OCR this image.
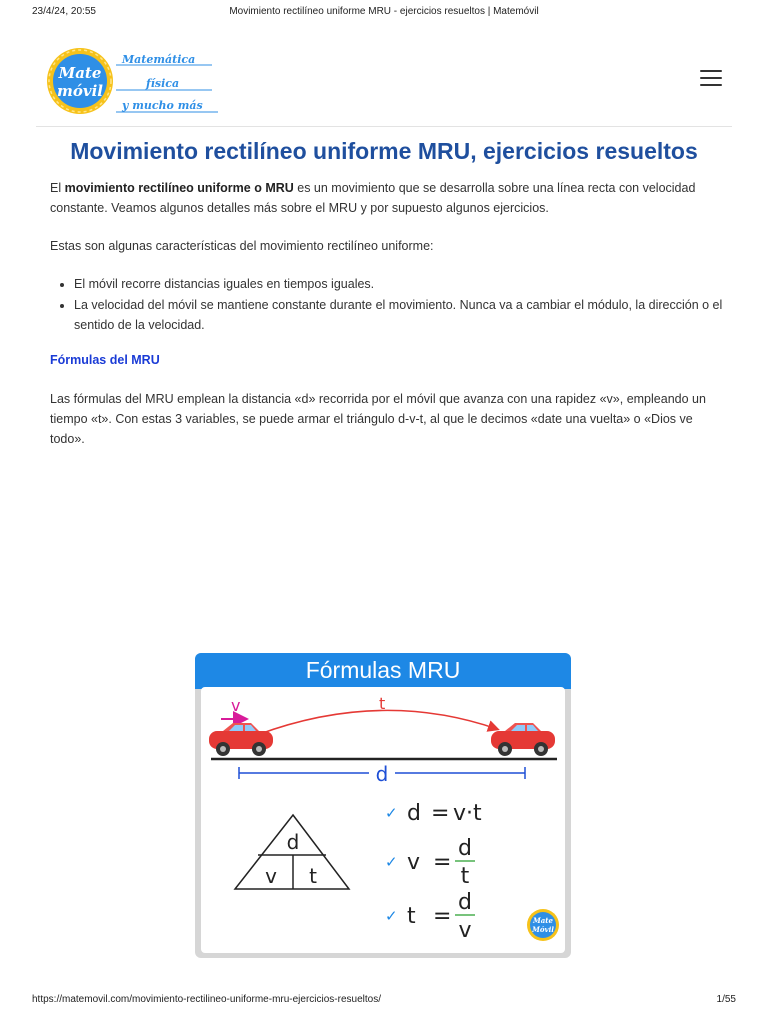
23/4/24, 20:55	Movimiento rectilíneo uniforme MRU - ejercicios resueltos | Matemóvil
Mate
móvil
Matemática
física
y mucho más
Movimiento rectilíneo uniforme MRU, ejercicios resueltos

El movimiento rectilíneo uniforme o MRU es un movimiento que se desarrolla sobre una línea recta con velocidad constante. Veamos algunos detalles más sobre el MRU y por supuesto algunos ejercicios.

Estas son algunas características del movimiento rectilíneo uniforme:

• El móvil recorre distancias iguales en tiempos iguales.
• La velocidad del móvil se mantiene constante durante el movimiento. Nunca va a cambiar el módulo, la dirección o el sentido de la velocidad.
Fórmulas del MRU

Las fórmulas del MRU emplean la distancia «d» recorrida por el móvil que avanza con una rapidez «v», empleando un tiempo «t». Con estas 3 variables, se puede armar el triángulo d-v-t, al que le decimos «date una vuelta» o «Dios ve todo».

Fórmulas MRU
v	t
d
d
v t
✓ d = v·t
✓ v =
d
t
✓ t =
d
v	Mate
Móvil
https://matemovil.com/movimiento-rectilineo-uniforme-mru-ejercicios-resueltos/	1/55
